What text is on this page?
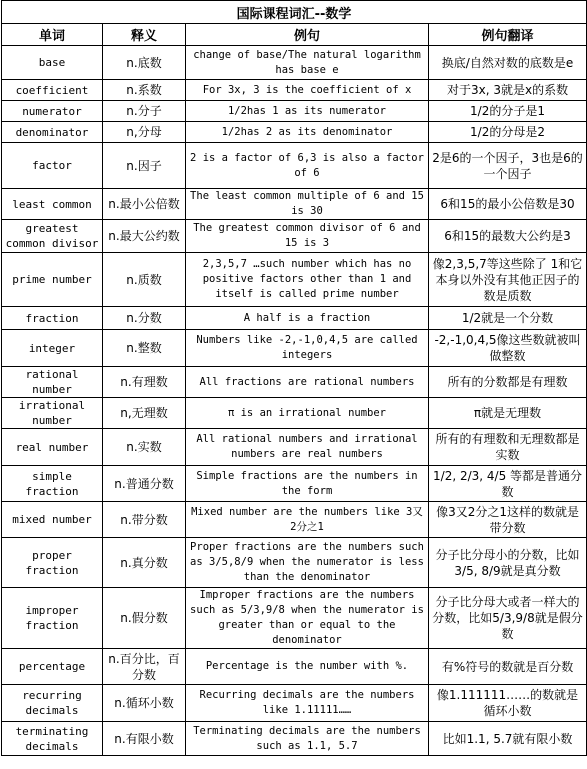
国际课程词汇--数学			
单词	释义	例句	例句翻译
base	n.底数	change of base/The natural logarithm has base e	换底/自然对数的底数是e
coefficient	n.系数	For 3x, 3 is the coefficient of x	对于3x, 3就是x的系数
numerator	n.分子	1/2has 1 as its numerator	1/2的分子是1
denominator	n,分母	1/2has 2 as its denominator	1/2的分母是2
factor	n.因子	2 is a factor of 6,3 is also a factor of 6	2是6的一个因子，3也是6的一个因子
least common	n.最小公倍数	The least common multiple of 6 and 15 is 30	6和15的最小公倍数是30
greatest common divisor	n.最大公约数	The greatest common divisor of 6 and 15 is 3	6和15的最数大公约是3
prime number	n.质数	2,3,5,7 …such number which has no positive factors other than 1 and itself is called prime number	像2,3,5,7等这些除了 1和它本身以外没有其他正因子的数是质数
fraction	n.分数	A half is a fraction	1/2就是一个分数
integer	n.整数	Numbers like -2,-1,0,4,5 are called integers	-2,-1,0,4,5像这些数就被叫做整数
rational number	n.有理数	All fractions are rational numbers	所有的分数都是有理数
irrational number	n,无理数	π is an irrational number	π就是无理数
real number	n.实数	All rational numbers and irrational numbers are real numbers	所有的有理数和无理数都是实数
simple fraction	n.普通分数	Simple fractions are the numbers in the form	1/2, 2/3, 4/5 等都是普通分数
mixed number	n.带分数	Mixed number are the numbers like 3又2分之1	像3又2分之1这样的数就是带分数
proper fraction	n.真分数	Proper fractions are the numbers such as 3/5,8/9 when the numerator is less than the denominator	分子比分母小的分数，比如3/5, 8/9就是真分数
improper fraction	n.假分数	Improper fractions are the numbers such as 5/3,9/8 when the numerator is greater than or equal to the denominator	分子比分母大或者一样大的分数，比如5/3,9/8就是假分数
percentage	n.百分比，百分数	Percentage is the number with %.	有%符号的数就是百分数
recurring decimals	n.循环小数	Recurring decimals are the numbers like 1.11111……	像1.111111……的数就是循环小数
terminating decimals	n.有限小数	Terminating decimals are the numbers such as 1.1, 5.7	比如1.1, 5.7就有限小数
